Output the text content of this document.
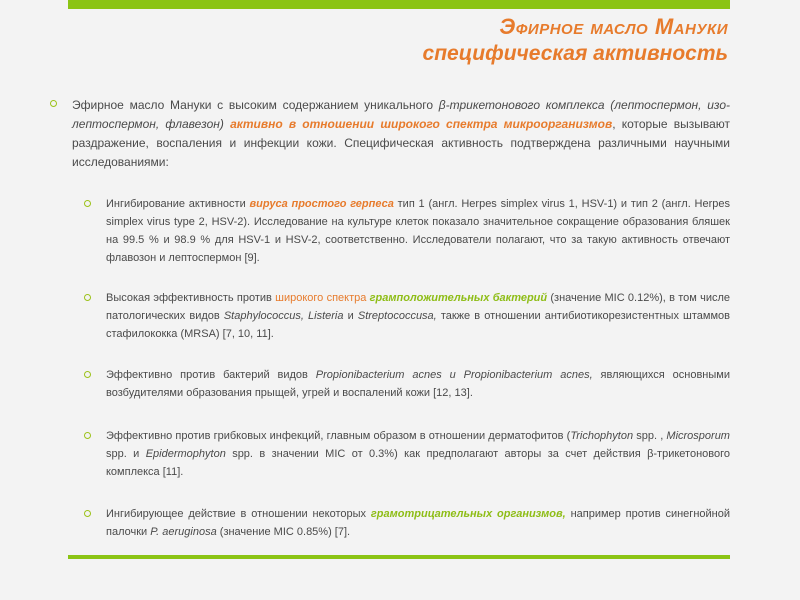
Эфирное масло Мануки
специфическая активность
Эфирное масло Мануки с высоким содержанием уникального β-трикетонового комплекса (лептоспермон, изо-лептоспермон, флавезон) активно в отношении широкого спектра микроорганизмов, которые вызывают раздражение, воспаления и инфекции кожи. Специфическая активность подтверждена различными научными исследованиями:
Ингибирование активности вируса простого герпеса тип 1 (англ. Herpes simplex virus 1, HSV-1) и тип 2 (англ. Herpes simplex virus type 2, HSV-2). Исследование на культуре клеток показало значительное сокращение образования бляшек на 99.5 % и 98.9 % для HSV-1 и HSV-2, соответственно. Исследователи полагают, что за такую активность отвечают флавозон и лептоспермон [9].
Высокая эффективность против широкого спектра грамположительных бактерий (значение MIC 0.12%), в том числе патологических видов Staphylococcus, Listeria и Streptococcusa, также в отношении антибиотикорезистентных штаммов стафилококка (MRSA) [7, 10, 11].
Эффективно против бактерий видов Propionibacterium acnes и Propionibacterium acnes, являющихся основными возбудителями образования прыщей, угрей и воспалений кожи [12, 13].
Эффективно против грибковых инфекций, главным образом в отношении дерматофитов (Trichophyton spp. , Microsporum spp. и Epidermophyton spp. в значении MIC от 0.3%) как предполагают авторы за счет действия β-трикетонового комплекса [11].
Ингибирующее действие в отношении некоторых грамотрицательных организмов, например против синегнойной палочки P. aeruginosa (значение MIC 0.85%) [7].
